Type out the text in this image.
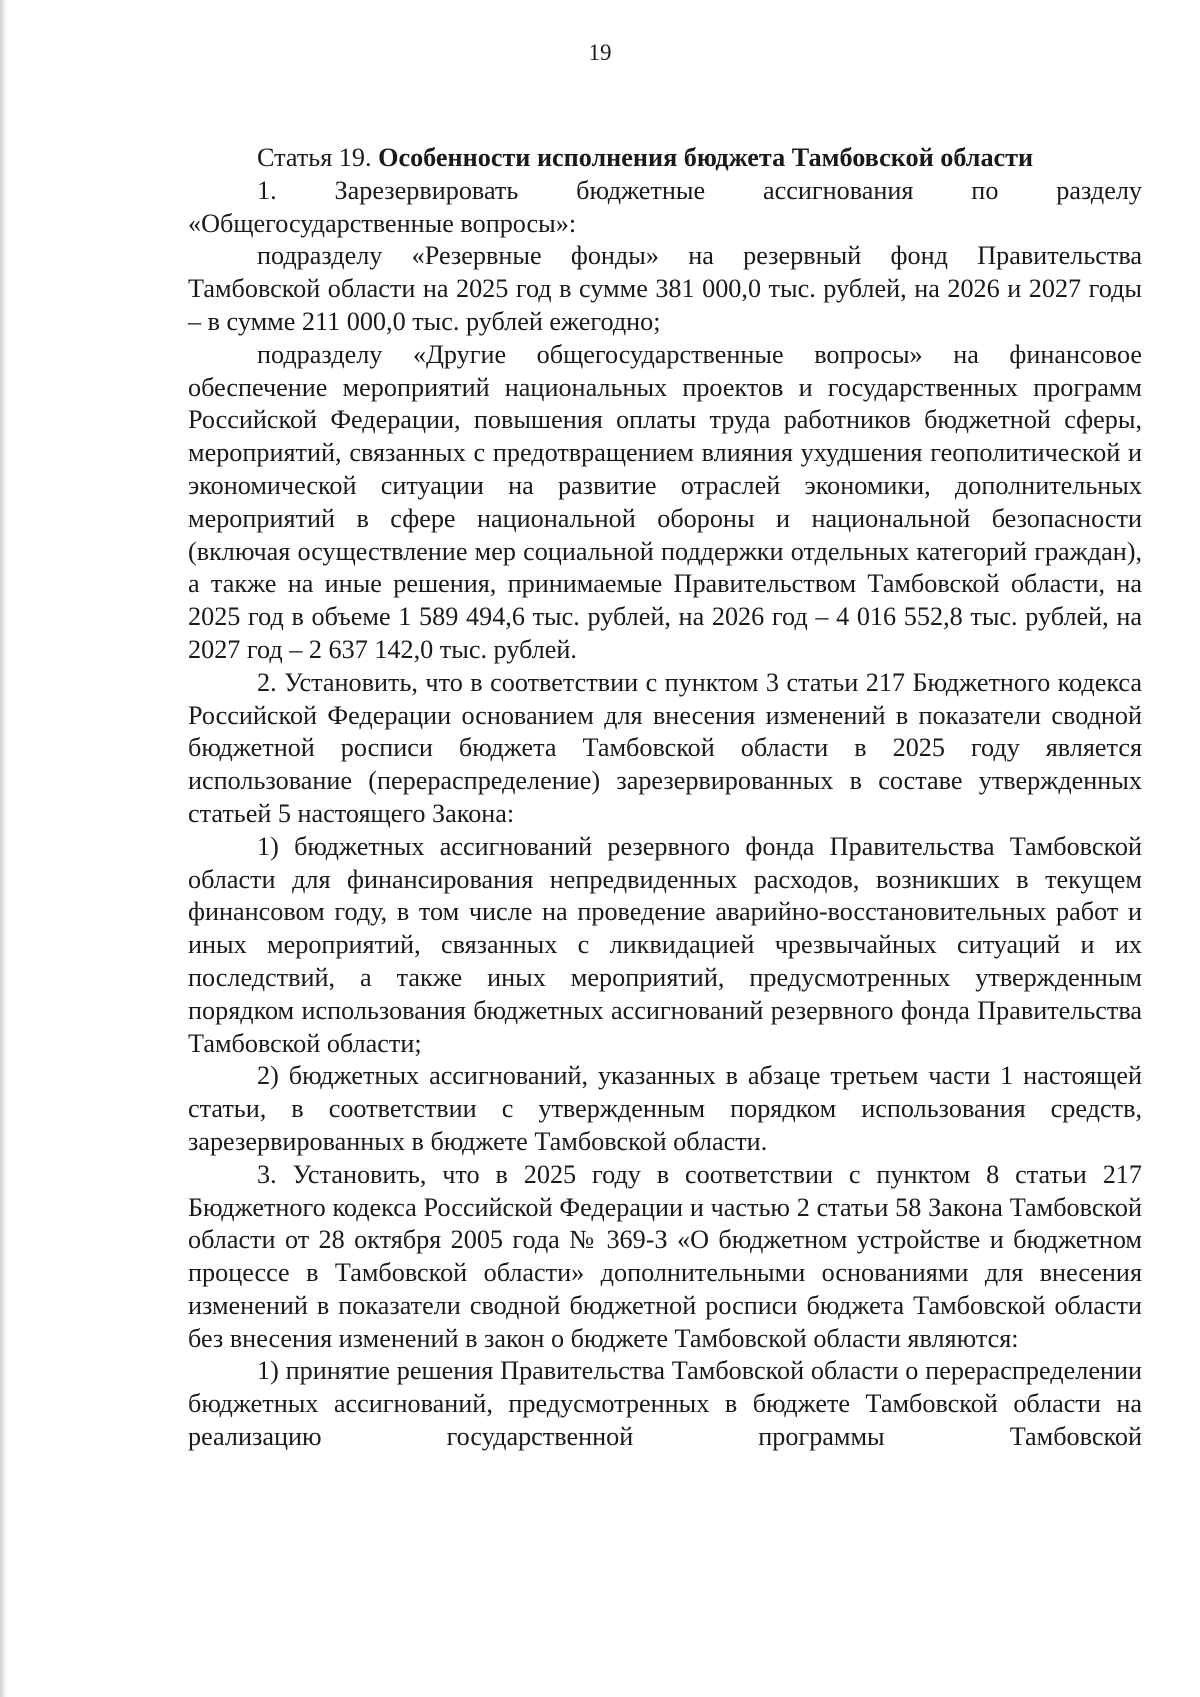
19
Статья 19. Особенности исполнения бюджета Тамбовской области

1. Зарезервировать бюджетные ассигнования по разделу «Общегосударственные вопросы»:

подразделу «Резервные фонды» на резервный фонд Правительства Тамбовской области на 2025 год в сумме 381 000,0 тыс. рублей, на 2026 и 2027 годы – в сумме 211 000,0 тыс. рублей ежегодно;

подразделу «Другие общегосударственные вопросы» на финансовое обеспечение мероприятий национальных проектов и государственных программ Российской Федерации, повышения оплаты труда работников бюджетной сферы, мероприятий, связанных с предотвращением влияния ухудшения геополитической и экономической ситуации на развитие отраслей экономики, дополнительных мероприятий в сфере национальной обороны и национальной безопасности (включая осуществление мер социальной поддержки отдельных категорий граждан), а также на иные решения, принимаемые Правительством Тамбовской области, на 2025 год в объеме 1 589 494,6 тыс. рублей, на 2026 год – 4 016 552,8 тыс. рублей, на 2027 год – 2 637 142,0 тыс. рублей.

2. Установить, что в соответствии с пунктом 3 статьи 217 Бюджетного кодекса Российской Федерации основанием для внесения изменений в показатели сводной бюджетной росписи бюджета Тамбовской области в 2025 году является использование (перераспределение) зарезервированных в составе утвержденных статьей 5 настоящего Закона:

1) бюджетных ассигнований резервного фонда Правительства Тамбовской области для финансирования непредвиденных расходов, возникших в текущем финансовом году, в том числе на проведение аварийно-восстановительных работ и иных мероприятий, связанных с ликвидацией чрезвычайных ситуаций и их последствий, а также иных мероприятий, предусмотренных утвержденным порядком использования бюджетных ассигнований резервного фонда Правительства Тамбовской области;

2) бюджетных ассигнований, указанных в абзаце третьем части 1 настоящей статьи, в соответствии с утвержденным порядком использования средств, зарезервированных в бюджете Тамбовской области.

3. Установить, что в 2025 году в соответствии с пунктом 8 статьи 217 Бюджетного кодекса Российской Федерации и частью 2 статьи 58 Закона Тамбовской области от 28 октября 2005 года № 369-З «О бюджетном устройстве и бюджетном процессе в Тамбовской области» дополнительными основаниями для внесения изменений в показатели сводной бюджетной росписи бюджета Тамбовской области без внесения изменений в закон о бюджете Тамбовской области являются:

1) принятие решения Правительства Тамбовской области о перераспределении бюджетных ассигнований, предусмотренных в бюджете Тамбовской области на реализацию государственной программы Тамбовской
